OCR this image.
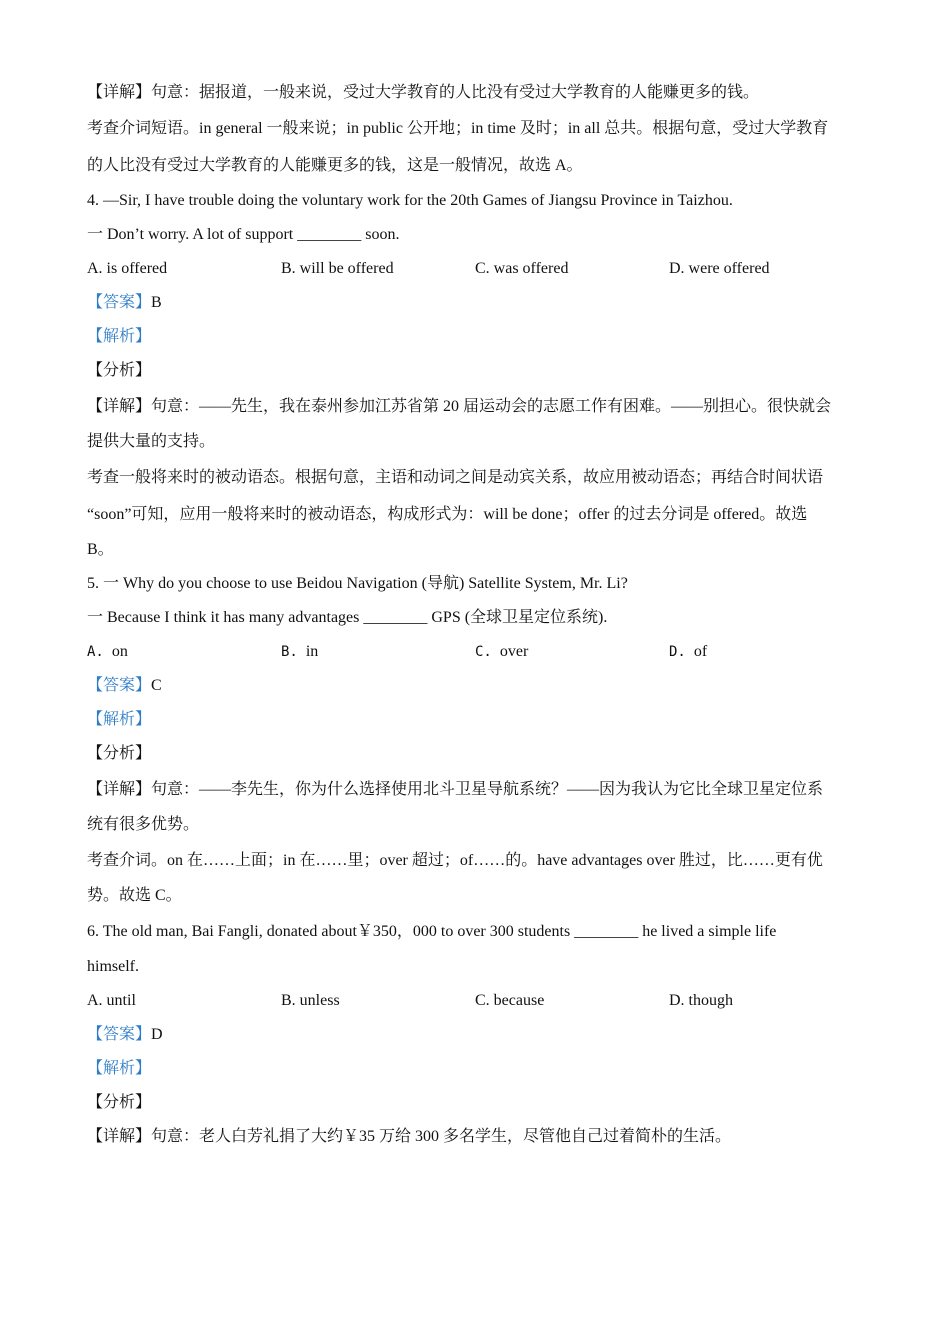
【详解】句意：据报道，一般来说，受过大学教育的人比没有受过大学教育的人能赚更多的钱。
考查介词短语。in general 一般来说；in public 公开地；in time 及时；in all 总共。根据句意，受过大学教育
的人比没有受过大学教育的人能赚更多的钱，这是一般情况，故选 A。
4. —Sir, I have trouble doing the voluntary work for the 20th Games of Jiangsu Province in Taizhou.
一 Don’t worry. A lot of support ________ soon.
A. is offered	B. will be offered	C. was offered	D. were offered
【答案】B
【解析】
【分析】
【详解】句意：——先生，我在泰州参加江苏省第 20 届运动会的志愿工作有困难。——别担心。很快就会
提供大量的支持。
考查一般将来时的被动语态。根据句意，主语和动词之间是动宾关系，故应用被动语态；再结合时间状语
“soon”可知，应用一般将来时的被动语态，构成形式为：will be done；offer 的过去分词是 offered。故选
B。
5. 一 Why do you choose to use Beidou Navigation (导航) Satellite System, Mr. Li?
一 Because I think it has many advantages ________ GPS (全球卫星定位系统).
A. on	B. in	C. over	D. of
【答案】C
【解析】
【分析】
【详解】句意：——李先生，你为什么选择使用北斗卫星导航系统？——因为我认为它比全球卫星定位系
统有很多优势。
考查介词。on 在……上面；in 在……里；over 超过；of……的。have advantages over 胜过，比……更有优
势。故选 C。
6. The old man, Bai Fangli, donated about￥350，000 to over 300 students ________ he lived a simple life
himself.
A. until	B. unless	C. because	D. though
【答案】D
【解析】
【分析】
【详解】句意：老人白芳礼捐了大约￥35 万给 300 多名学生，尽管他自己过着简朴的生活。
